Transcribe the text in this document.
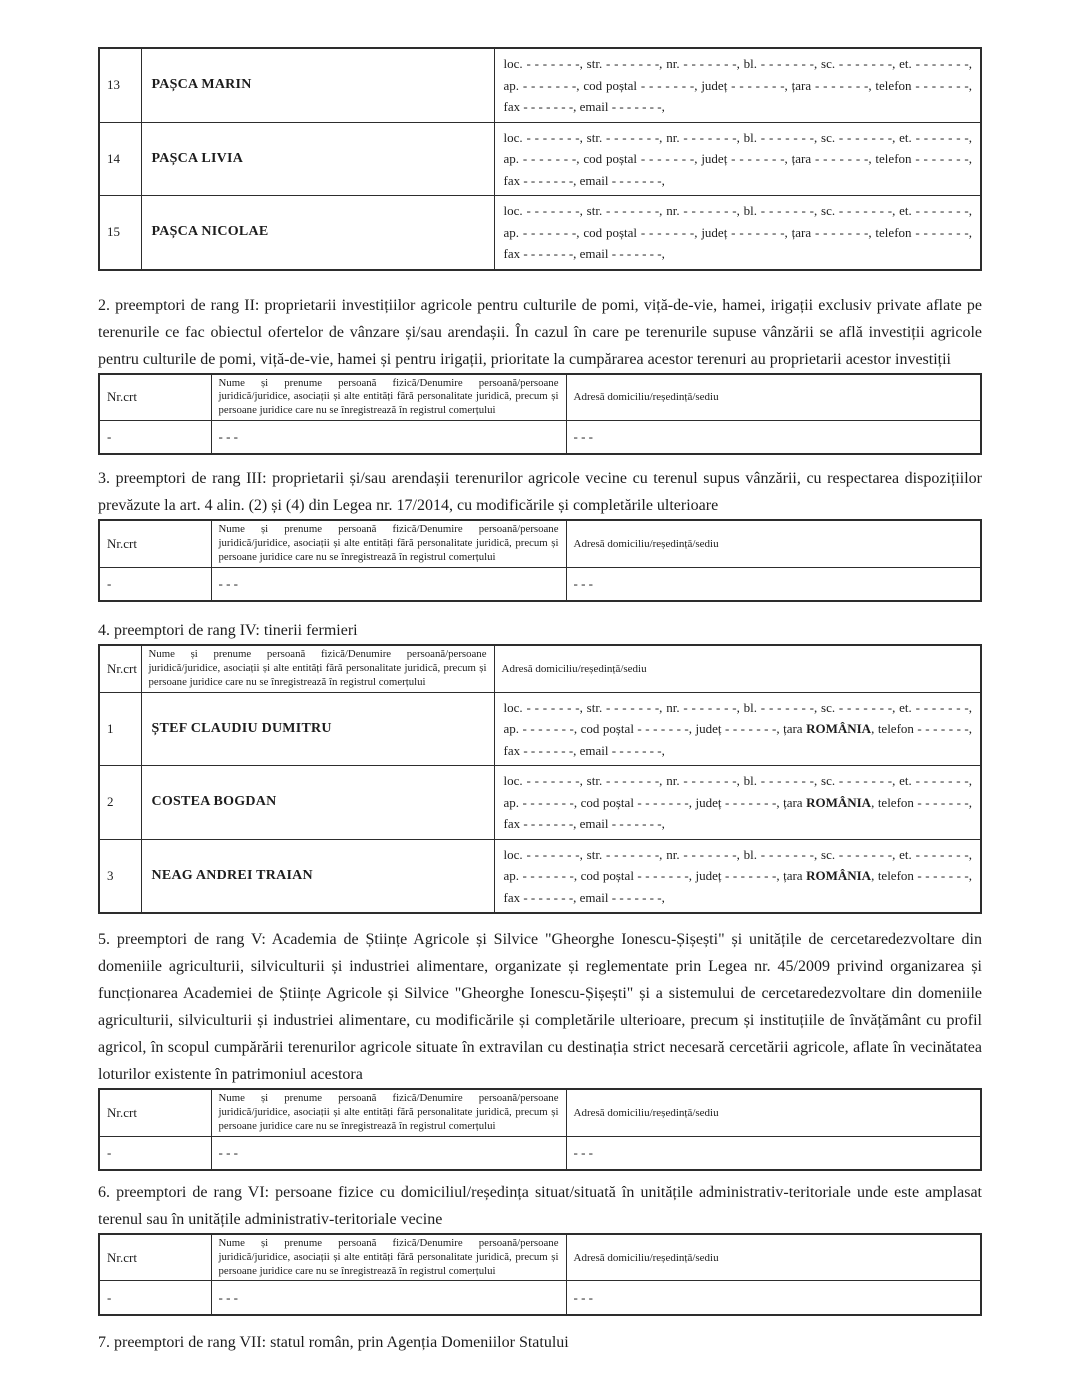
13	PAȘCA MARIN	loc. - - - - - - -, str. - - - - - - -, nr. - - - - - - -, bl. - - - - - - -, sc. - - - - - - -, et. - - - - - - -, ap. - - - - - - -, cod poștal - - - - - - -, județ - - - - - - -, țara - - - - - - -, telefon - - - - - - -, fax - - - - - - -, email - - - - - - -,
14	PAȘCA LIVIA	loc. - - - - - - -, str. - - - - - - -, nr. - - - - - - -, bl. - - - - - - -, sc. - - - - - - -, et. - - - - - - -, ap. - - - - - - -, cod poștal - - - - - - -, județ - - - - - - -, țara - - - - - - -, telefon - - - - - - -, fax - - - - - - -, email - - - - - - -,
15	PAȘCA NICOLAE	loc. - - - - - - -, str. - - - - - - -, nr. - - - - - - -, bl. - - - - - - -, sc. - - - - - - -, et. - - - - - - -, ap. - - - - - - -, cod poștal - - - - - - -, județ - - - - - - -, țara - - - - - - -, telefon - - - - - - -, fax - - - - - - -, email - - - - - - -,

2. preemptori de rang II: proprietarii investițiilor agricole pentru culturile de pomi, viță-de-vie, hamei, irigații exclusiv private aflate pe terenurile ce fac obiectul ofertelor de vânzare și/sau arendașii. În cazul în care pe terenurile supuse vânzării se află investiții agricole pentru culturile de pomi, viță-de-vie, hamei și pentru irigații, prioritate la cumpărarea acestor terenuri au proprietarii acestor investiții

Nr.crt	Nume și prenume persoană fizică/Denumire persoană/persoane juridică/juridice, asociații și alte entități fără personalitate juridică, precum și persoane juridice care nu se înregistrează în registrul comerțului	Adresă domiciliu/reședință/sediu
-	- - -	- - -

3. preemptori de rang III: proprietarii și/sau arendașii terenurilor agricole vecine cu terenul supus vânzării, cu respectarea dispozițiilor prevăzute la art. 4 alin. (2) și (4) din Legea nr. 17/2014, cu modificările și completările ulterioare

Nr.crt	Nume și prenume persoană fizică/Denumire persoană/persoane juridică/juridice, asociații și alte entități fără personalitate juridică, precum și persoane juridice care nu se înregistrează în registrul comerțului	Adresă domiciliu/reședință/sediu
-	- - -	- - -

4. preemptori de rang IV: tinerii fermieri

Nr.crt	Nume și prenume persoană fizică/Denumire persoană/persoane juridică/juridice, asociații și alte entități fără personalitate juridică, precum și persoane juridice care nu se înregistrează în registrul comerțului	Adresă domiciliu/reședință/sediu
1	ȘTEF CLAUDIU DUMITRU	loc. - - - - - - -, str. - - - - - - -, nr. - - - - - - -, bl. - - - - - - -, sc. - - - - - - -, et. - - - - - - -, ap. - - - - - - -, cod poștal - - - - - - -, județ - - - - - - -, țara ROMÂNIA, telefon - - - - - - -, fax - - - - - - -, email - - - - - - -,
2	COSTEA BOGDAN	loc. - - - - - - -, str. - - - - - - -, nr. - - - - - - -, bl. - - - - - - -, sc. - - - - - - -, et. - - - - - - -, ap. - - - - - - -, cod poștal - - - - - - -, județ - - - - - - -, țara ROMÂNIA, telefon - - - - - - -, fax - - - - - - -, email - - - - - - -,
3	NEAG ANDREI TRAIAN	loc. - - - - - - -, str. - - - - - - -, nr. - - - - - - -, bl. - - - - - - -, sc. - - - - - - -, et. - - - - - - -, ap. - - - - - - -, cod poștal - - - - - - -, județ - - - - - - -, țara ROMÂNIA, telefon - - - - - - -, fax - - - - - - -, email - - - - - - -,

5. preemptori de rang V: Academia de Științe Agricole și Silvice "Gheorghe Ionescu-Șișești" și unitățile de cercetaredezvoltare din domeniile agriculturii, silviculturii și industriei alimentare, organizate și reglementate prin Legea nr. 45/2009 privind organizarea și funcționarea Academiei de Științe Agricole și Silvice "Gheorghe Ionescu-Șișești" și a sistemului de cercetaredezvoltare din domeniile agriculturii, silviculturii și industriei alimentare, cu modificările și completările ulterioare, precum și instituțiile de învățământ cu profil agricol, în scopul cumpărării terenurilor agricole situate în extravilan cu destinația strict necesară cercetării agricole, aflate în vecinătatea loturilor existente în patrimoniul acestora

Nr.crt	Nume și prenume persoană fizică/Denumire persoană/persoane juridică/juridice, asociații și alte entități fără personalitate juridică, precum și persoane juridice care nu se înregistrează în registrul comerțului	Adresă domiciliu/reședință/sediu
-	- - -	- - -

6. preemptori de rang VI: persoane fizice cu domiciliul/reședința situat/situată în unitățile administrativ-teritoriale unde este amplasat terenul sau în unitățile administrativ-teritoriale vecine

Nr.crt	Nume și prenume persoană fizică/Denumire persoană/persoane juridică/juridice, asociații și alte entități fără personalitate juridică, precum și persoane juridice care nu se înregistrează în registrul comerțului	Adresă domiciliu/reședință/sediu
-	- - -	- - -

7. preemptori de rang VII: statul român, prin Agenția Domeniilor Statului
